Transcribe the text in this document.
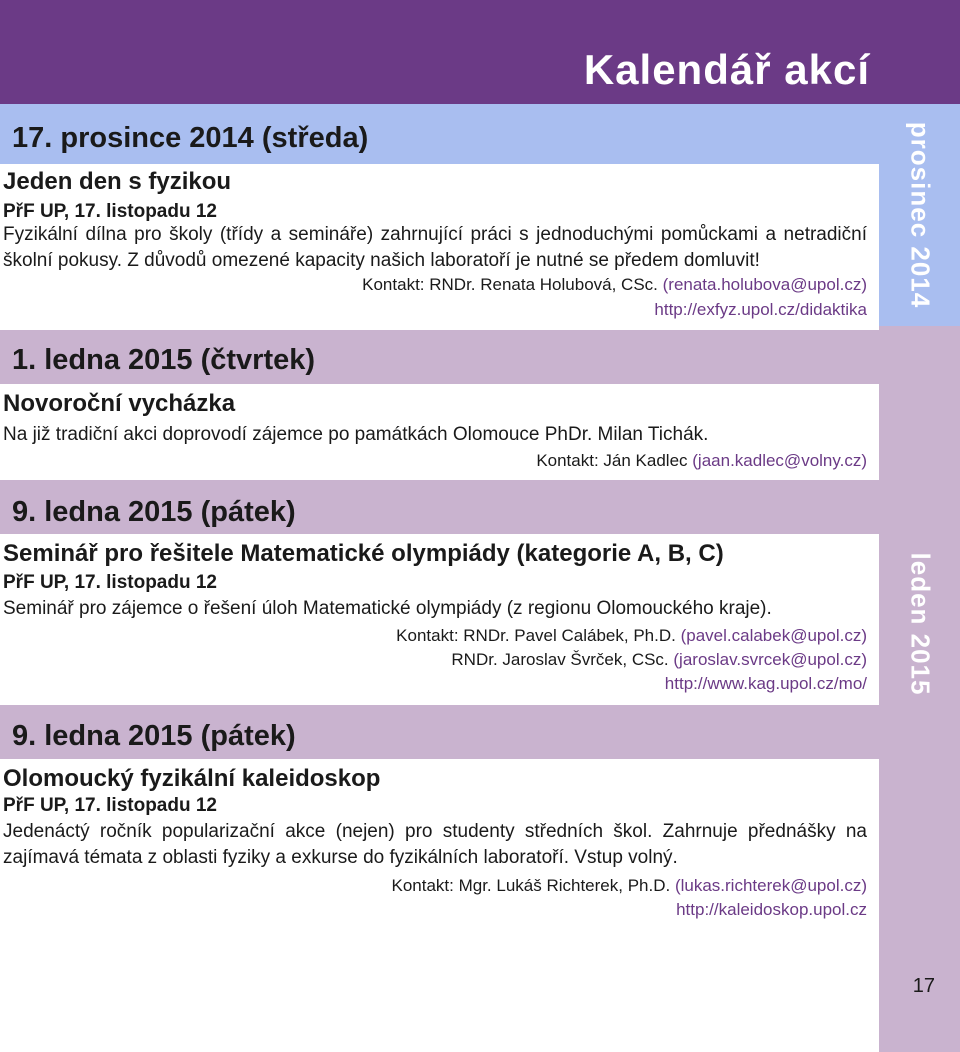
Kalendář akcí
prosinec 2014
leden 2015
17
17. prosince 2014 (středa)
Jeden den s fyzikou
PřF UP, 17. listopadu 12

Fyzikální dílna pro školy (třídy a semináře) zahrnující práci s jednoduchými pomůckami a netradiční školní pokusy. Z důvodů omezené kapacity našich laboratoří je nutné se předem domluvit!

Kontakt: RNDr. Renata Holubová, CSc. (renata.holubova@upol.cz)
http://exfyz.upol.cz/didaktika
1. ledna 2015 (čtvrtek)
Novoroční vycházka
Na již tradiční akci doprovodí zájemce po památkách Olomouce PhDr. Milan Tichák.
Kontakt: Ján Kadlec (jaan.kadlec@volny.cz)
9. ledna 2015 (pátek)
Seminář pro řešitele Matematické olympiády (kategorie A, B, C)
PřF UP, 17. listopadu 12
Seminář pro zájemce o řešení úloh Matematické olympiády (z regionu Olomouckého kraje).
Kontakt: RNDr. Pavel Calábek, Ph.D. (pavel.calabek@upol.cz)
RNDr. Jaroslav Švrček, CSc. (jaroslav.svrcek@upol.cz)
http://www.kag.upol.cz/mo/
9. ledna 2015 (pátek)
Olomoucký fyzikální kaleidoskop
PřF UP, 17. listopadu 12

Jedenáctý ročník popularizační akce (nejen) pro studenty středních škol. Zahrnuje přednášky na zajímavá témata z oblasti fyziky a exkurse do fyzikálních laboratoří. Vstup volný.

Kontakt: Mgr. Lukáš Richterek, Ph.D. (lukas.richterek@upol.cz)
http://kaleidoskop.upol.cz
